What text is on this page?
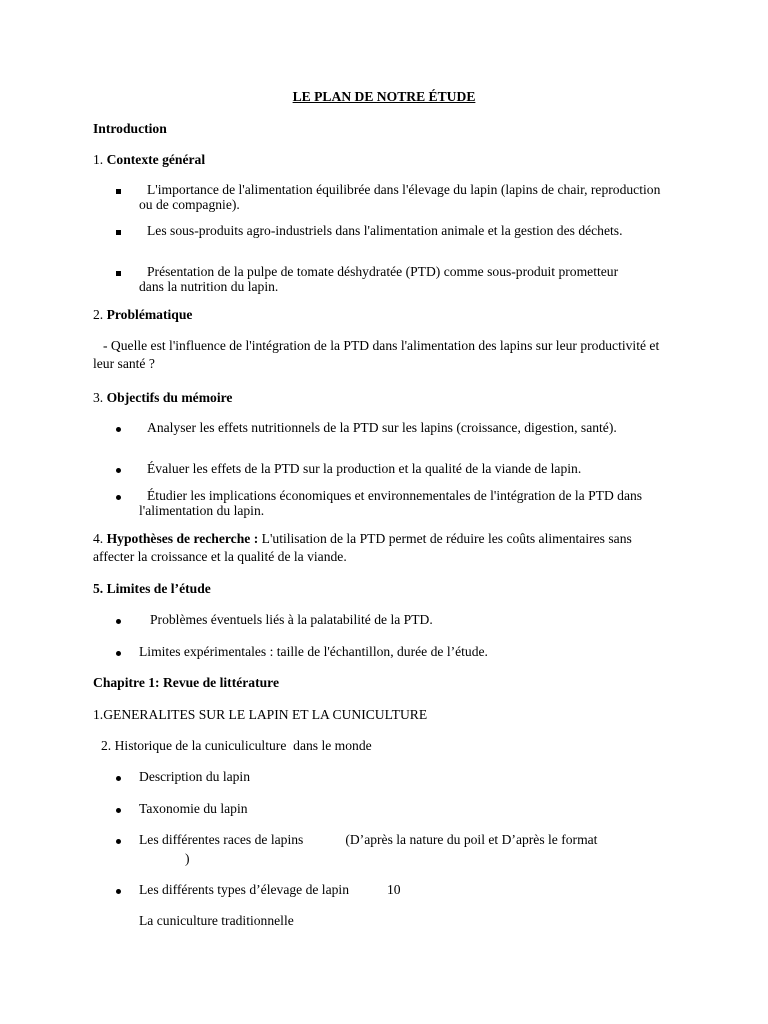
LE PLAN DE NOTRE ÉTUDE
Introduction
1. Contexte général
L'importance de l'alimentation équilibrée dans l'élevage du lapin (lapins de chair, reproduction ou de compagnie).
Les sous-produits agro-industriels dans l'alimentation animale et la gestion des déchets.
Présentation de la pulpe de tomate déshydratée (PTD) comme sous-produit prometteur dans la nutrition du lapin.
2. Problématique
- Quelle est l'influence de l'intégration de la PTD dans l'alimentation des lapins sur leur productivité et leur santé ?
3. Objectifs du mémoire
Analyser les effets nutritionnels de la PTD sur les lapins (croissance, digestion, santé).
Évaluer les effets de la PTD sur la production et la qualité de la viande de lapin.
Étudier les implications économiques et environnementales de l'intégration de la PTD dans l'alimentation du lapin.
4. Hypothèses de recherche : L'utilisation de la PTD permet de réduire les coûts alimentaires sans affecter la croissance et la qualité de la viande.
5. Limites de l’étude
Problèmes éventuels liés à la palatabilité de la PTD.
Limites expérimentales : taille de l'échantillon, durée de l’étude.
Chapitre 1: Revue de littérature
1.GENERALITES SUR LE LAPIN ET LA CUNICULTURE
2. Historique de la cuniculiculture  dans le monde
Description du lapin
Taxonomie du lapin
Les différentes races de lapins	(D’après la nature du poil et D’après le format
)
Les différents types d’élevage de lapin	10
La cuniculture traditionnelle
